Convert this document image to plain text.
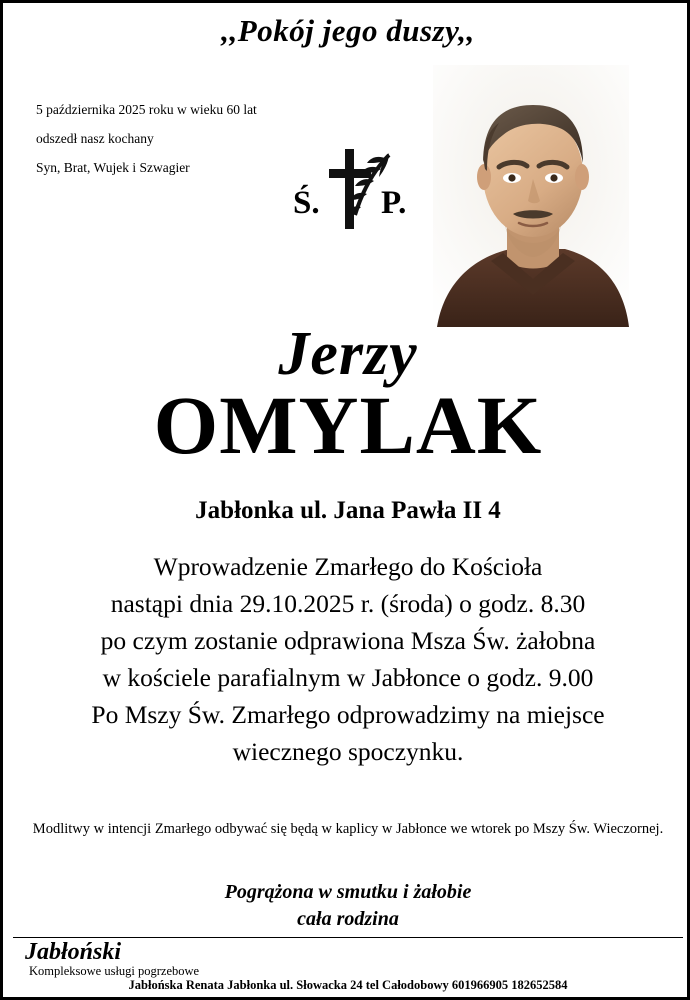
,,Pokój jego duszy,,
5 października 2025 roku w wieku 60 lat
odszedł nasz kochany
Syn, Brat, Wujek i Szwagier
Ś. P.
Jerzy
OMYLAK
Jabłonka ul. Jana Pawła II 4
Wprowadzenie Zmarłego do Kościoła
nastąpi dnia 29.10.2025 r. (środa) o godz. 8.30
po czym zostanie odprawiona Msza Św. żałobna
w kościele parafialnym w Jabłonce o godz. 9.00
Po Mszy Św. Zmarłego odprowadzimy na miejsce
wiecznego spoczynku.
Modlitwy w intencji Zmarłego odbywać się będą w kaplicy w Jabłonce we wtorek po Mszy Św. Wieczornej.
Pogrążona w smutku i żałobie
cała rodzina
Jabłoński
Kompleksowe usługi pogrzebowe
Jabłońska Renata Jabłonka ul. Słowacka 24 tel Całodobowy 601966905 182652584
